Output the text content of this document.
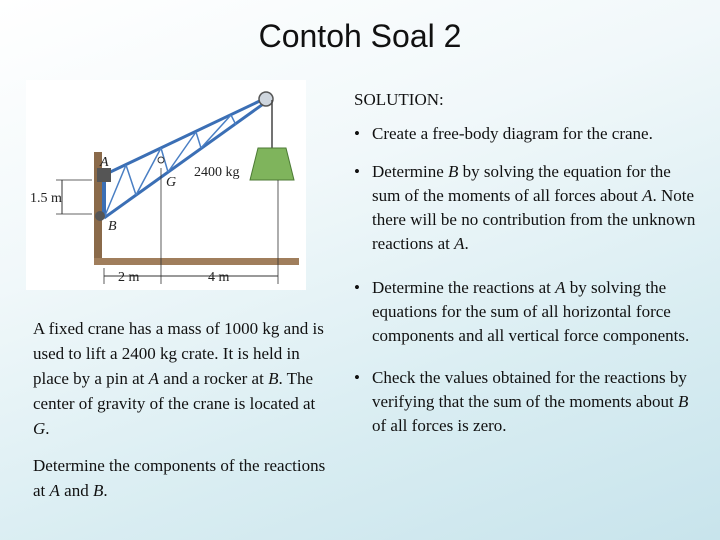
Contoh Soal 2
A
B
G
2400 kg
1.5 m
2 m	4 m

A fixed crane has a mass of 1000 kg and is used to lift a 2400 kg crate. It is held in place by a pin at A and a rocker at B. The center of gravity of the crane is located at G.

Determine the components of the reactions at A and B.

SOLUTION:
• Create a free-body diagram for the crane.
• Determine B by solving the equation for the sum of the moments of all forces about A. Note there will be no contribution from the unknown reactions at A.
• Determine the reactions at A by solving the equations for the sum of all horizontal force components and all vertical force components.
• Check the values obtained for the reactions by verifying that the sum of the moments about B of all forces is zero.
